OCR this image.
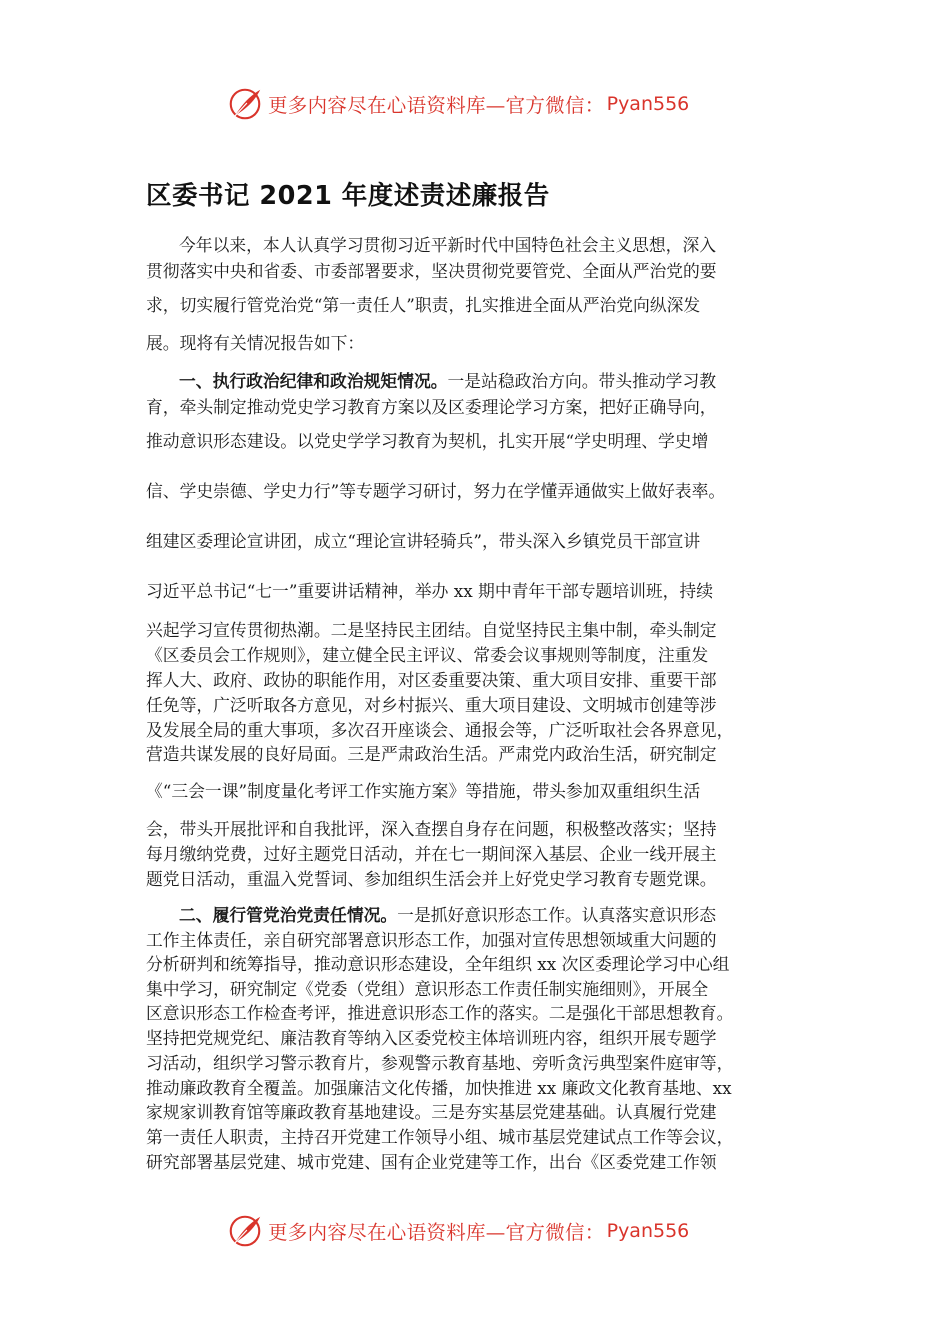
更多内容尽在心语资料库—官方微信： Pyan556
区委书记 2021 年度述责述廉报告
今年以来，本人认真学习贯彻习近平新时代中国特色社会主义思想，深入
贯彻落实中央和省委、市委部署要求，坚决贯彻党要管党、全面从严治党的要
求，切实履行管党治党“第一责任人”职责，扎实推进全面从严治党向纵深发
展。现将有关情况报告如下：
一、执行政治纪律和政治规矩情况。一是站稳政治方向。带头推动学习教
育，牵头制定推动党史学习教育方案以及区委理论学习方案，把好正确导向，
推动意识形态建设。以党史学学习教育为契机，扎实开展“学史明理、学史增
信、学史崇德、学史力行”等专题学习研讨，努力在学懂弄通做实上做好表率。
组建区委理论宣讲团，成立“理论宣讲轻骑兵”，带头深入乡镇党员干部宣讲
习近平总书记“七一”重要讲话精神，举办 xx 期中青年干部专题培训班，持续
兴起学习宣传贯彻热潮。二是坚持民主团结。自觉坚持民主集中制，牵头制定
《区委员会工作规则》，建立健全民主评议、常委会议事规则等制度，注重发
挥人大、政府、政协的职能作用，对区委重要决策、重大项目安排、重要干部
任免等，广泛听取各方意见，对乡村振兴、重大项目建设、文明城市创建等涉
及发展全局的重大事项，多次召开座谈会、通报会等，广泛听取社会各界意见，
营造共谋发展的良好局面。三是严肃政治生活。严肃党内政治生活，研究制定
《“三会一课”制度量化考评工作实施方案》等措施，带头参加双重组织生活
会，带头开展批评和自我批评，深入查摆自身存在问题，积极整改落实；坚持
每月缴纳党费，过好主题党日活动，并在七一期间深入基层、企业一线开展主
题党日活动，重温入党誓词、参加组织生活会并上好党史学习教育专题党课。
二、履行管党治党责任情况。一是抓好意识形态工作。认真落实意识形态
工作主体责任，亲自研究部署意识形态工作，加强对宣传思想领域重大问题的
分析研判和统筹指导，推动意识形态建设，全年组织 xx 次区委理论学习中心组
集中学习，研究制定《党委（党组）意识形态工作责任制实施细则》，开展全
区意识形态工作检查考评，推进意识形态工作的落实。二是强化干部思想教育。
坚持把党规党纪、廉洁教育等纳入区委党校主体培训班内容，组织开展专题学
习活动，组织学习警示教育片，参观警示教育基地、旁听贪污典型案件庭审等，
推动廉政教育全覆盖。加强廉洁文化传播，加快推进 xx 廉政文化教育基地、xx
家规家训教育馆等廉政教育基地建设。三是夯实基层党建基础。认真履行党建
第一责任人职责，主持召开党建工作领导小组、城市基层党建试点工作等会议，
研究部署基层党建、城市党建、国有企业党建等工作，出台《区委党建工作领
更多内容尽在心语资料库—官方微信： Pyan556
